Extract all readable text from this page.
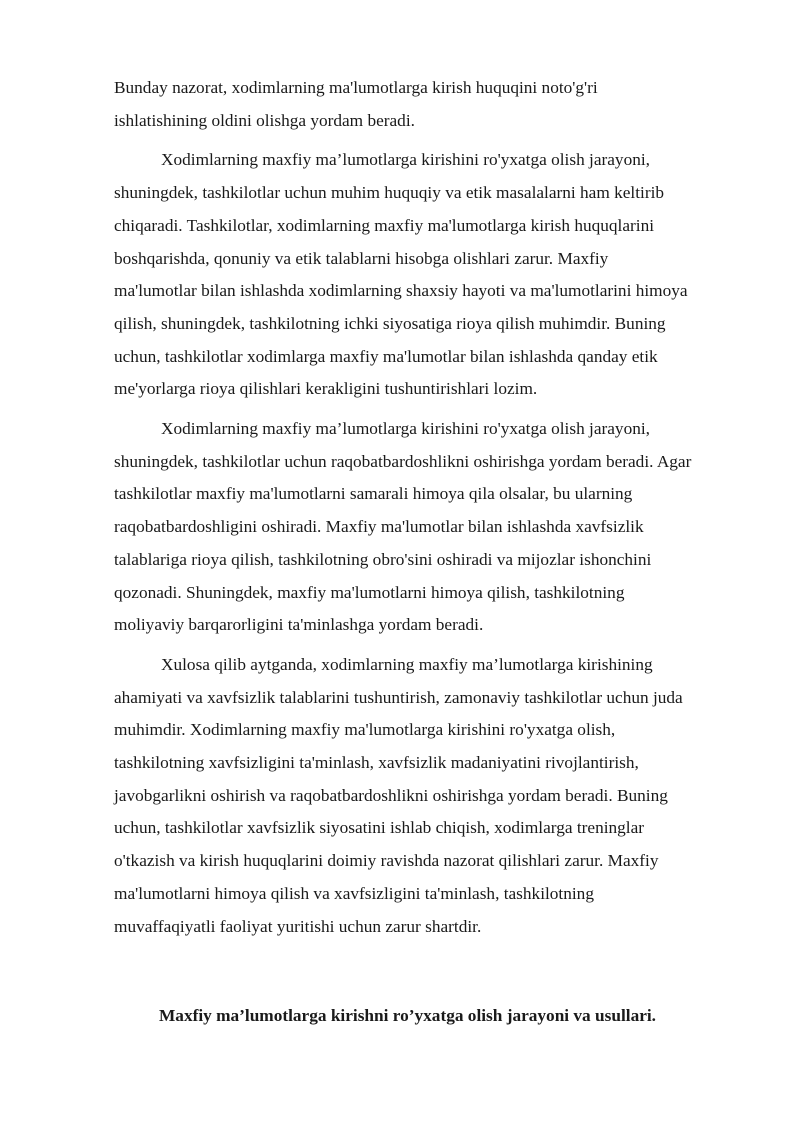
Bunday nazorat, xodimlarning ma'lumotlarga kirish huquqini noto'g'ri
ishlatishining oldini olishga yordam beradi.

Xodimlarning maxfiy ma’lumotlarga kirishini ro'yxatga olish jarayoni,
shuningdek, tashkilotlar uchun muhim huquqiy va etik masalalarni ham keltirib
chiqaradi. Tashkilotlar, xodimlarning maxfiy ma'lumotlarga kirish huquqlarini
boshqarishda, qonuniy va etik talablarni hisobga olishlari zarur. Maxfiy
ma'lumotlar bilan ishlashda xodimlarning shaxsiy hayoti va ma'lumotlarini himoya
qilish, shuningdek, tashkilotning ichki siyosatiga rioya qilish muhimdir. Buning
uchun, tashkilotlar xodimlarga maxfiy ma'lumotlar bilan ishlashda qanday etik
me'yorlarga rioya qilishlari kerakligini tushuntirishlari lozim.

Xodimlarning maxfiy ma’lumotlarga kirishini ro'yxatga olish jarayoni,
shuningdek, tashkilotlar uchun raqobatbardoshlikni oshirishga yordam beradi. Agar
tashkilotlar maxfiy ma'lumotlarni samarali himoya qila olsalar, bu ularning
raqobatbardoshligini oshiradi. Maxfiy ma'lumotlar bilan ishlashda xavfsizlik
talablariga rioya qilish, tashkilotning obro'sini oshiradi va mijozlar ishonchini
qozonadi. Shuningdek, maxfiy ma'lumotlarni himoya qilish, tashkilotning
moliyaviy barqarorligini ta'minlashga yordam beradi.

Xulosa qilib aytganda, xodimlarning maxfiy ma’lumotlarga kirishining
ahamiyati va xavfsizlik talablarini tushuntirish, zamonaviy tashkilotlar uchun juda
muhimdir. Xodimlarning maxfiy ma'lumotlarga kirishini ro'yxatga olish,
tashkilotning xavfsizligini ta'minlash, xavfsizlik madaniyatini rivojlantirish,
javobgarlikni oshirish va raqobatbardoshlikni oshirishga yordam beradi. Buning
uchun, tashkilotlar xavfsizlik siyosatini ishlab chiqish, xodimlarga treninglar
o'tkazish va kirish huquqlarini doimiy ravishda nazorat qilishlari zarur. Maxfiy
ma'lumotlarni himoya qilish va xavfsizligini ta'minlash, tashkilotning
muvaffaqiyatli faoliyat yuritishi uchun zarur shartdir.

Maxfiy ma’lumotlarga kirishni ro’yxatga olish jarayoni va usullari.
